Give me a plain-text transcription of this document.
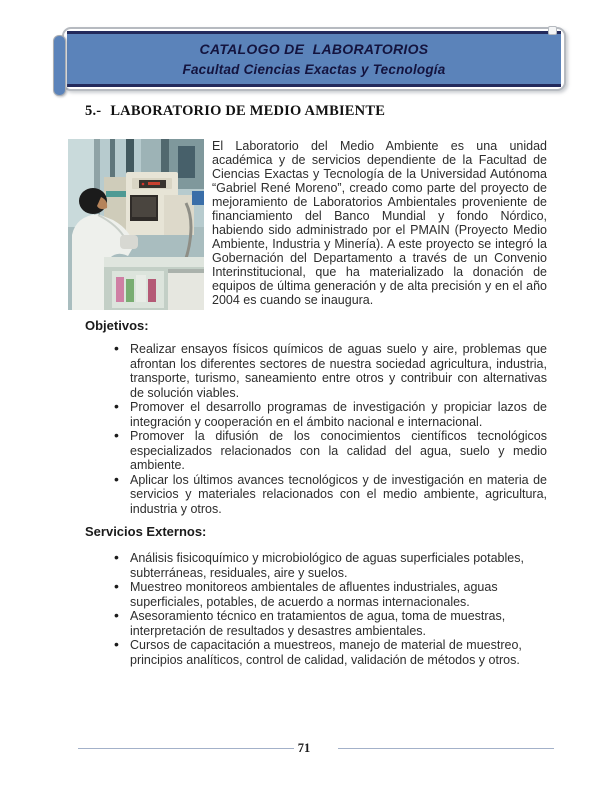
CATALOGO DE  LABORATORIOS
Facultad Ciencias Exactas y Tecnología
5.- LABORATORIO DE MEDIO AMBIENTE
El Laboratorio del Medio Ambiente es una unidad académica y de servicios dependiente de la Facultad de Ciencias Exactas y Tecnología de la Universidad Autónoma “Gabriel René Moreno”, creado como parte del proyecto de mejoramiento de Laboratorios Ambientales proveniente de financiamiento del Banco Mundial y fondo Nórdico, habiendo sido administrado por el PMAIN (Proyecto Medio Ambiente, Industria y Minería). A este proyecto se integró la Gobernación del Departamento a través de un Convenio Interinstitucional, que ha materializado la donación de equipos de última generación y de alta precisión y en el año 2004 es cuando se inaugura.
Objetivos:
• Realizar ensayos físicos químicos de aguas suelo y aire, problemas que afrontan los diferentes sectores de nuestra sociedad agricultura, industria, transporte, turismo, saneamiento entre otros y contribuir con alternativas de solución viables.
• Promover el desarrollo programas de investigación y propiciar lazos de integración y cooperación en el ámbito nacional e internacional.
• Promover la difusión de los conocimientos científicos tecnológicos especializados relacionados con la calidad del agua, suelo y medio ambiente.
• Aplicar los últimos avances tecnológicos y de investigación en materia de servicios y materiales relacionados con el medio ambiente, agricultura, industria y otros.
Servicios Externos:
• Análisis fisicoquímico y microbiológico de aguas superficiales potables, subterráneas, residuales, aire y suelos.
• Muestreo monitoreos ambientales de afluentes industriales, aguas superficiales, potables, de acuerdo a normas internacionales.
• Asesoramiento técnico en tratamientos de agua, toma de muestras, interpretación de resultados y desastres ambientales.
• Cursos de capacitación a muestreos, manejo de material de muestreo, principios analíticos, control de calidad, validación de métodos y otros.
71
